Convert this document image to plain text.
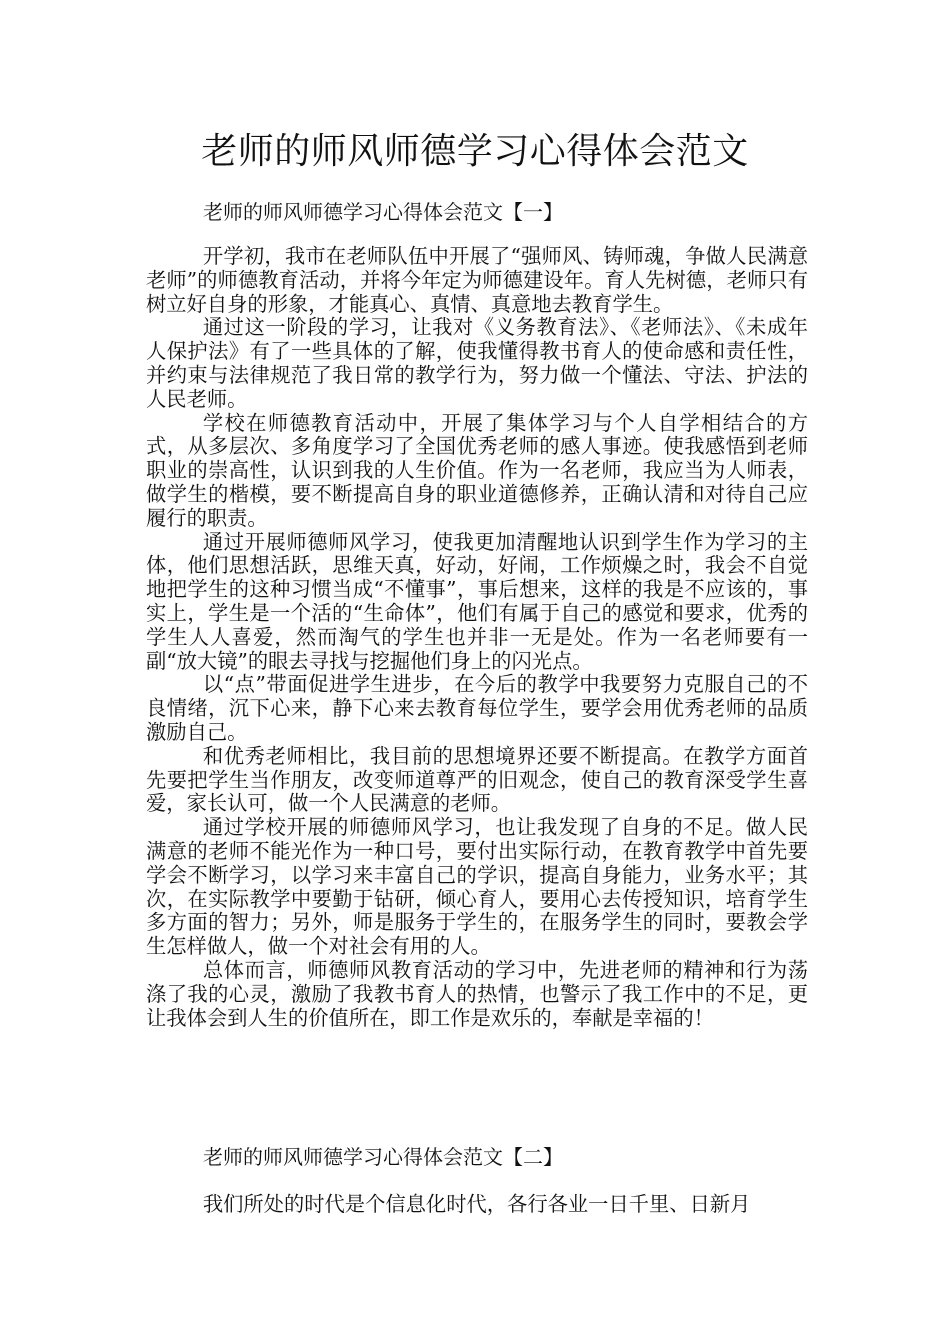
老师的师风师德学习心得体会范文
老师的师风师德学习心得体会范文【一】

开学初，我市在老师队伍中开展了“强师风、铸师魂，争做人民满意老师”的师德教育活动，并将今年定为师德建设年。育人先树德，老师只有树立好自身的形象，才能真心、真情、真意地去教育学生。

通过这一阶段的学习，让我对《义务教育法》、《老师法》、《未成年人保护法》有了一些具体的了解，使我懂得教书育人的使命感和责任性，并约束与法律规范了我日常的教学行为，努力做一个懂法、守法、护法的人民老师。

学校在师德教育活动中，开展了集体学习与个人自学相结合的方式，从多层次、多角度学习了全国优秀老师的感人事迹。使我感悟到老师职业的崇高性，认识到我的人生价值。作为一名老师，我应当为人师表，做学生的楷模，要不断提高自身的职业道德修养，正确认清和对待自己应履行的职责。

通过开展师德师风学习，使我更加清醒地认识到学生作为学习的主体，他们思想活跃，思维天真，好动，好闹，工作烦燥之时，我会不自觉地把学生的这种习惯当成“不懂事”，事后想来，这样的我是不应该的，事实上，学生是一个活的“生命体”，他们有属于自己的感觉和要求，优秀的学生人人喜爱，然而淘气的学生也并非一无是处。作为一名老师要有一副“放大镜”的眼去寻找与挖掘他们身上的闪光点。

以“点”带面促进学生进步，在今后的教学中我要努力克服自己的不良情绪，沉下心来，静下心来去教育每位学生，要学会用优秀老师的品质激励自己。

和优秀老师相比，我目前的思想境界还要不断提高。在教学方面首先要把学生当作朋友，改变师道尊严的旧观念，使自己的教育深受学生喜爱，家长认可，做一个人民满意的老师。

通过学校开展的师德师风学习，也让我发现了自身的不足。做人民满意的老师不能光作为一种口号，要付出实际行动，在教育教学中首先要学会不断学习，以学习来丰富自己的学识，提高自身能力，业务水平；其次，在实际教学中要勤于钻研，倾心育人，要用心去传授知识，培育学生多方面的智力；另外，师是服务于学生的，在服务学生的同时，要教会学生怎样做人，做一个对社会有用的人。

总体而言，师德师风教育活动的学习中，先进老师的精神和行为荡涤了我的心灵，激励了我教书育人的热情，也警示了我工作中的不足，更让我体会到人生的价值所在，即工作是欢乐的，奉献是幸福的！

老师的师风师德学习心得体会范文【二】

我们所处的时代是个信息化时代，各行各业一日千里、日新月
